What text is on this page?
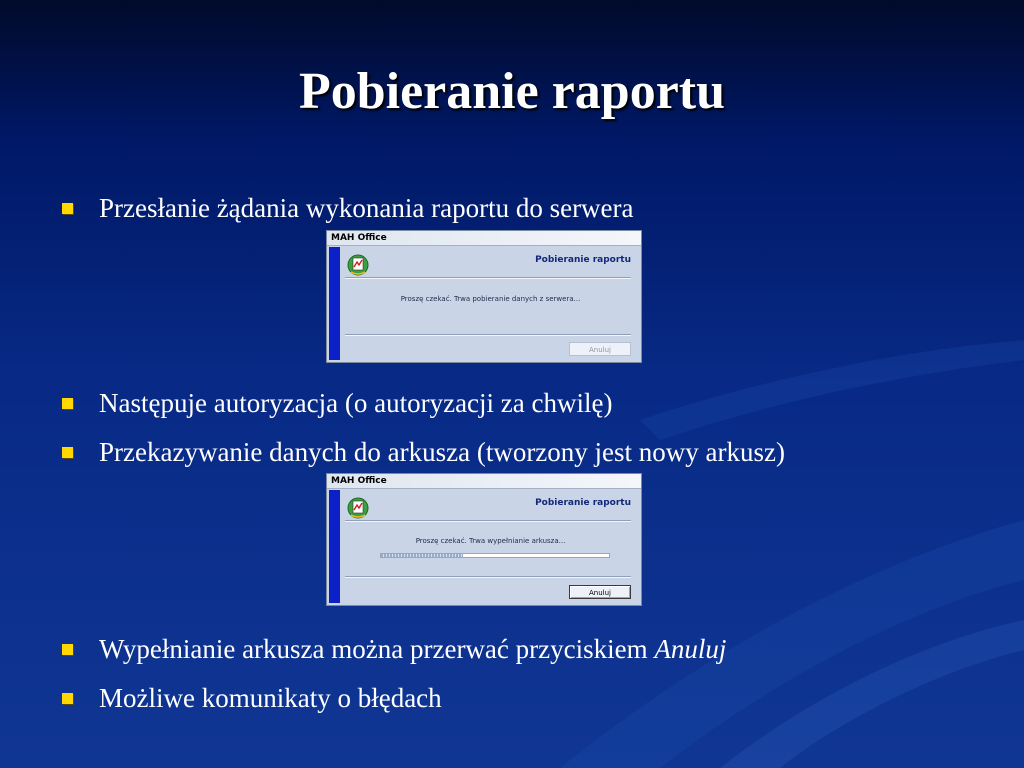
Pobieranie raportu
Przesłanie żądania wykonania raportu do serwera
MAH Office
Pobieranie raportu
Proszę czekać. Trwa pobieranie danych z serwera...
Anuluj
Następuje autoryzacja (o autoryzacji za chwilę)
Przekazywanie danych do arkusza (tworzony jest nowy arkusz)
MAH Office
Pobieranie raportu
Proszę czekać. Trwa wypełnianie arkusza...
Anuluj
Wypełnianie arkusza można przerwać przyciskiem Anuluj
Możliwe komunikaty o błędach
